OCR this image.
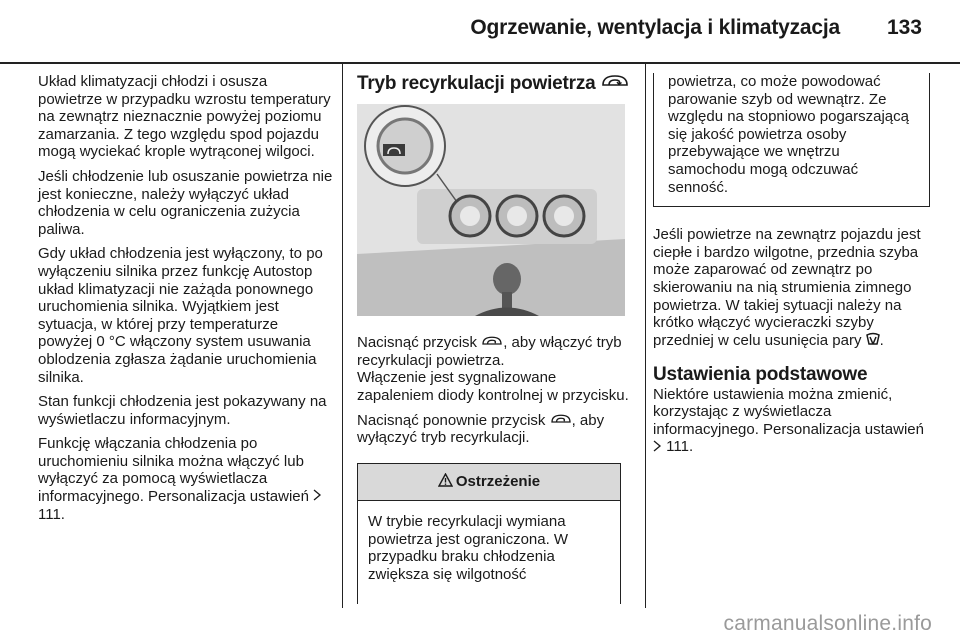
Ogrzewanie, wentylacja i klimatyzacja 133

Układ klimatyzacji chłodzi i osusza powietrze w przypadku wzrostu temperatury na zewnątrz nieznacznie powyżej poziomu zamarzania. Z tego względu spod pojazdu mogą wyciekać krople wytrąconej wilgoci.

Jeśli chłodzenie lub osuszanie powietrza nie jest konieczne, należy wyłączyć układ chłodzenia w celu ograniczenia zużycia paliwa.

Gdy układ chłodzenia jest wyłączony, to po wyłączeniu silnika przez funkcję Autostop układ klimatyzacji nie zażąda ponownego uruchomienia silnika. Wyjątkiem jest sytuacja, w której przy temperaturze powyżej 0 °C włączony system usuwania oblodzenia zgłasza żądanie uruchomienia silnika.

Stan funkcji chłodzenia jest pokazywany na wyświetlaczu informacyjnym.

Funkcję włączania chłodzenia po uruchomieniu silnika można włączyć lub wyłączyć za pomocą wyświetlacza informacyjnego. Personalizacja ustawień  111.

Tryb recyrkulacji powietrza

Nacisnąć przycisk , aby włączyć tryb recyrkulacji powietrza.
Włączenie jest sygnalizowane zapaleniem diody kontrolnej w przycisku.

Nacisnąć ponownie przycisk , aby wyłączyć tryb recyrkulacji.

Ostrzeżenie
W trybie recyrkulacji wymiana powietrza jest ograniczona. W przypadku braku chłodzenia zwiększa się wilgotność

powietrza, co może powodować parowanie szyb od wewnątrz. Ze względu na stopniowo pogarszającą się jakość powietrza osoby przebywające we wnętrzu samochodu mogą odczuwać senność.

Jeśli powietrze na zewnątrz pojazdu jest ciepłe i bardzo wilgotne, przednia szyba może zaparować od zewnątrz po skierowaniu na nią strumienia zimnego powietrza. W takiej sytuacji należy na krótko włączyć wycieraczki szyby przedniej w celu usunięcia pary .

Ustawienia podstawowe

Niektóre ustawienia można zmienić, korzystając z wyświetlacza informacyjnego. Personalizacja ustawień  111.

carmanualsonline.info
